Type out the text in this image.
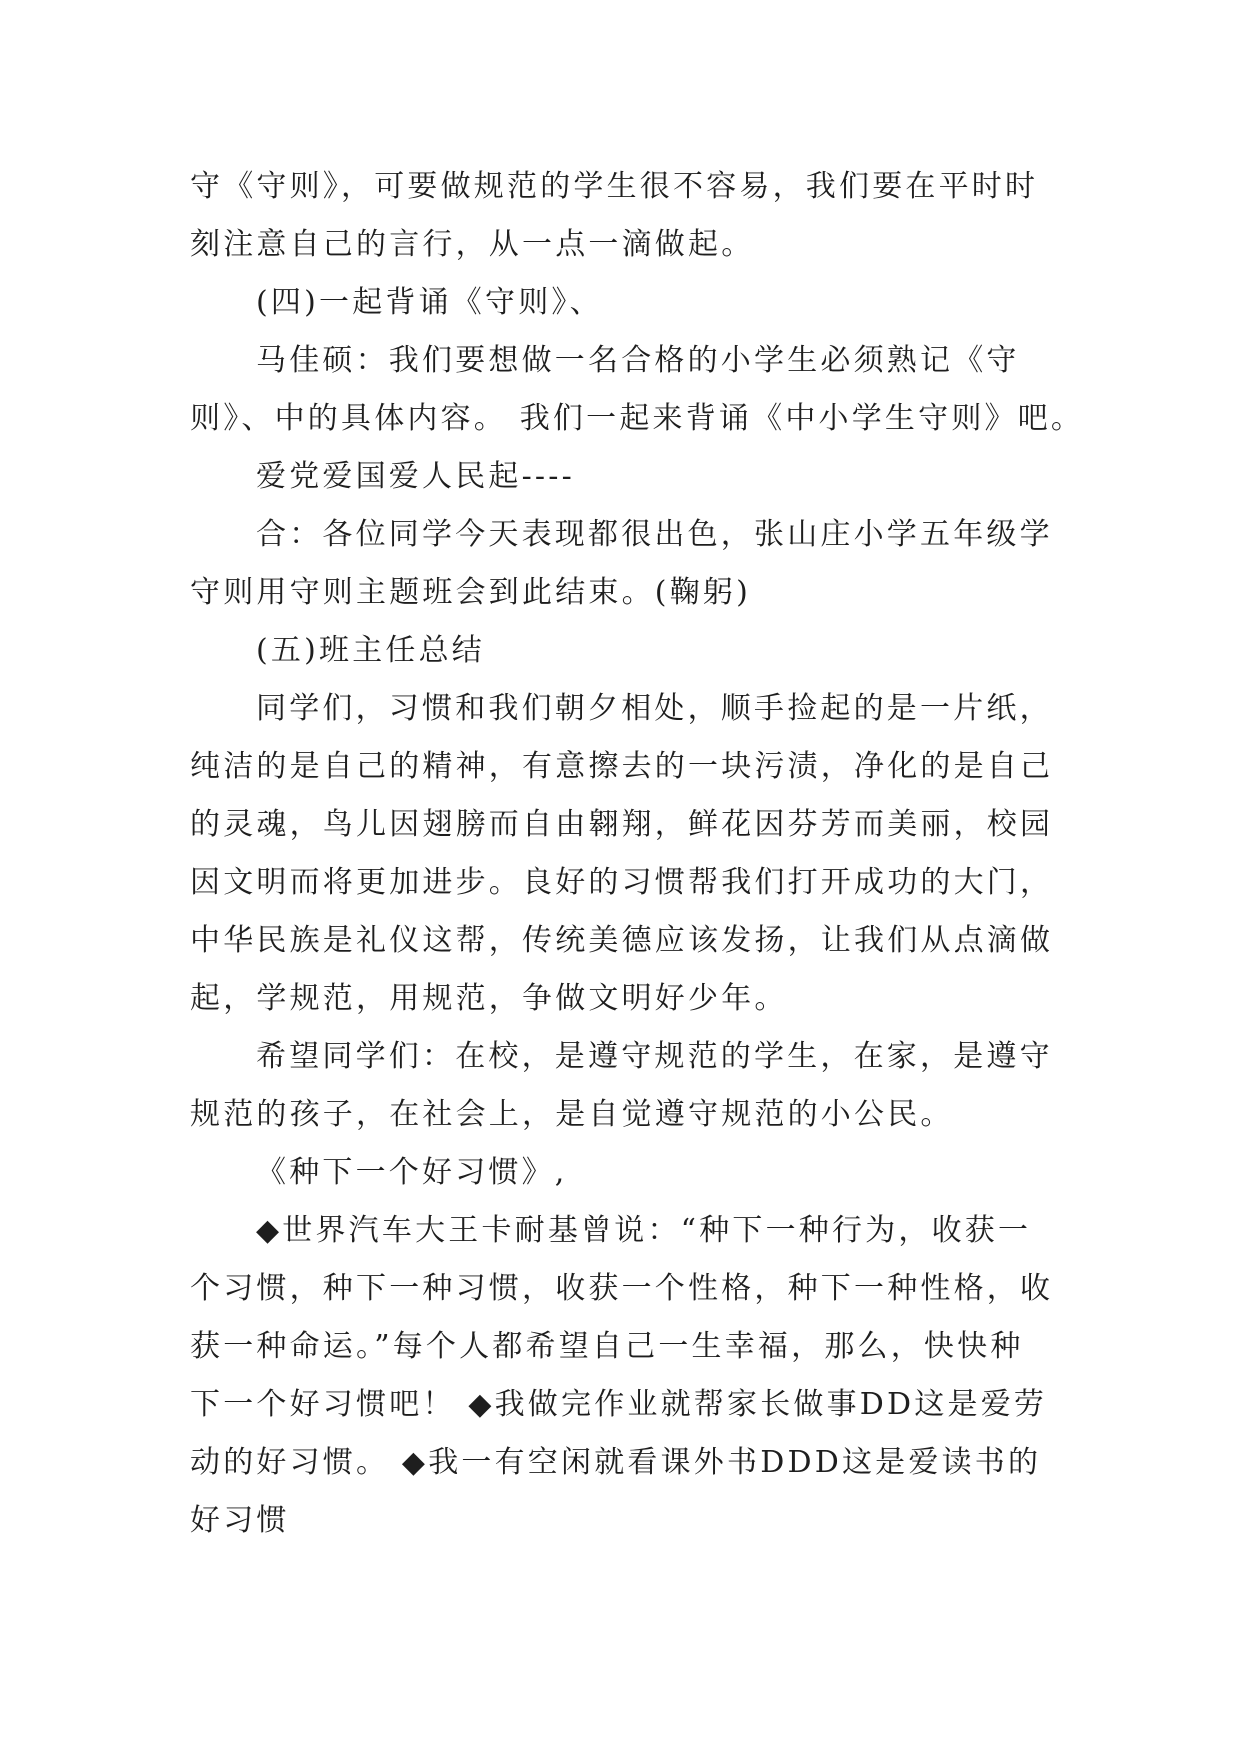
守《守则》，可要做规范的学生很不容易，我们要在平时时
刻注意自己的言行，从一点一滴做起。
(四)一起背诵《守则》、
马佳硕：我们要想做一名合格的小学生必须熟记《守
则》、中的具体内容。 我们一起来背诵《中小学生守则》吧。
爱党爱国爱人民起----
合：各位同学今天表现都很出色，张山庄小学五年级学
守则用守则主题班会到此结束。(鞠躬)
(五)班主任总结
同学们，习惯和我们朝夕相处，顺手捡起的是一片纸，
纯洁的是自己的精神，有意擦去的一块污渍，净化的是自己
的灵魂，鸟儿因翅膀而自由翱翔，鲜花因芬芳而美丽，校园
因文明而将更加进步。良好的习惯帮我们打开成功的大门，
中华民族是礼仪这帮，传统美德应该发扬，让我们从点滴做
起，学规范，用规范，争做文明好少年。
希望同学们：在校，是遵守规范的学生，在家，是遵守
规范的孩子，在社会上，是自觉遵守规范的小公民。
《种下一个好习惯》,
◆世界汽车大王卡耐基曾说：“种下一种行为，收获一
个习惯，种下一种习惯，收获一个性格，种下一种性格，收
获一种命运。”每个人都希望自己一生幸福，那么，快快种
下一个好习惯吧！ ◆我做完作业就帮家长做事DD这是爱劳
动的好习惯。 ◆我一有空闲就看课外书DDD这是爱读书的
好习惯
